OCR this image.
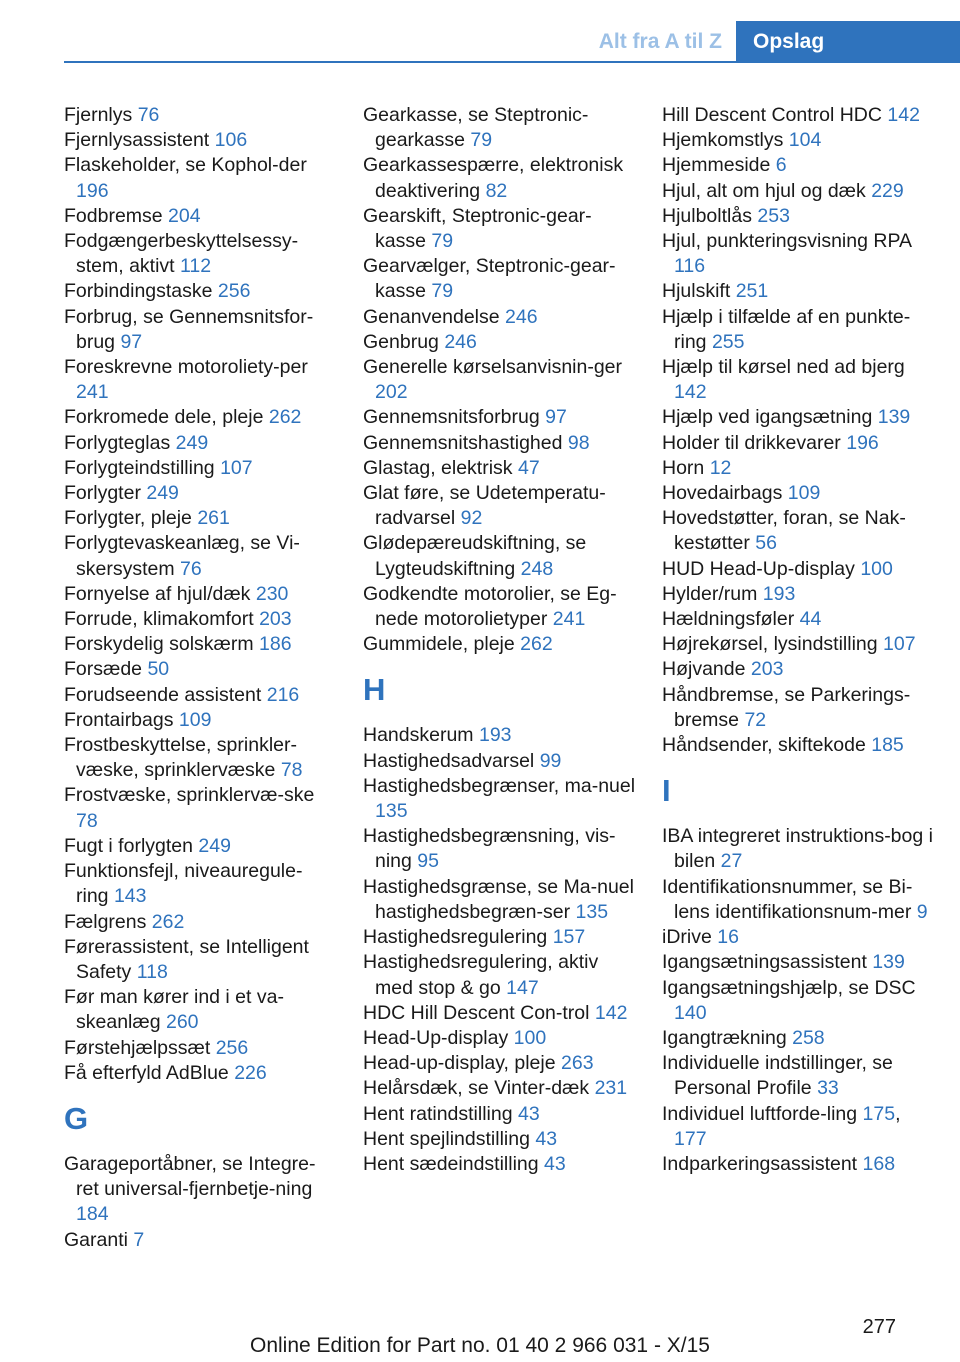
Alt fra A til Z	Opslag
Fjernlys 76
Fjernlysassistent 106
Flaskeholder, se Kophol‐der 196
Fodbremse 204
Fodgængerbeskyttelsessy‐stem, aktivt 112
Forbindingstaske 256
Forbrug, se Gennemsnitsfor‐brug 97
Foreskrevne motoroliety‐per 241
Forkromede dele, pleje 262
Forlygteglas 249
Forlygteindstilling 107
Forlygter 249
Forlygter, pleje 261
Forlygtevaskeanlæg, se Vi‐skersystem 76
Fornyelse af hjul/dæk 230
Forrude, klimakomfort 203
Forskydelig solskærm 186
Forsæde 50
Forudseende assistent 216
Frontairbags 109
Frostbeskyttelse, sprinkler‐væske, sprinklervæske 78
Frostvæske, sprinklervæ‐ske 78
Fugt i forlygten 249
Funktionsfejl, niveauregule‐ring 143
Fælgrens 262
Førerassistent, se Intelligent Safety 118
Før man kører ind i et va‐skeanlæg 260
Førstehjælpssæt 256
Få efterfyld AdBlue 226
G
Garageportåbner, se Integre‐ret universal-fjernbetje‐ning 184
Garanti 7
Gearkasse, se Steptronic-gearkasse 79
Gearkassespærre, elektronisk deaktivering 82
Gearskift, Steptronic-gear‐kasse 79
Gearvælger, Steptronic-gear‐kasse 79
Genanvendelse 246
Genbrug 246
Generelle kørselsanvisnin‐ger 202
Gennemsnitsforbrug 97
Gennemsnitshastighed 98
Glastag, elektrisk 47
Glat føre, se Udetemperatu‐radvarsel 92
Glødepæreudskiftning, se Lygteudskiftning 248
Godkendte motorolier, se Eg‐nede motorolietyper 241
Gummidele, pleje 262
H
Handskerum 193
Hastighedsadvarsel 99
Hastighedsbegrænser, ma‐nuel 135
Hastighedsbegrænsning, vis‐ning 95
Hastighedsgrænse, se Ma‐nuel hastighedsbegræn‐ser 135
Hastighedsregulering 157
Hastighedsregulering, aktiv med stop & go 147
HDC Hill Descent Con‐trol 142
Head-Up-display 100
Head-up-display, pleje 263
Helårsdæk, se Vinter‐dæk 231
Hent ratindstilling 43
Hent spejlindstilling 43
Hent sædeindstilling 43
Hill Descent Control HDC 142
Hjemkomstlys 104
Hjemmeside 6
Hjul, alt om hjul og dæk 229
Hjulboltlås 253
Hjul, punkteringsvisning RPA 116
Hjulskift 251
Hjælp i tilfælde af en punkte‐ring 255
Hjælp til kørsel ned ad bjerg 142
Hjælp ved igangsætning 139
Holder til drikkevarer 196
Horn 12
Hovedairbags 109
Hovedstøtter, foran, se Nak‐kestøtter 56
HUD Head-Up-display 100
Hylder/rum 193
Hældningsføler 44
Højrekørsel, lysindstilling 107
Højvande 203
Håndbremse, se Parkerings‐bremse 72
Håndsender, skiftekode 185
I
IBA integreret instruktions‐bog i bilen 27
Identifikationsnummer, se Bi‐lens identifikationsnum‐mer 9
iDrive 16
Igangsætningsassistent 139
Igangsætningshjælp, se DSC 140
Igangtrækning 258
Individuelle indstillinger, se Personal Profile 33
Individuel luftforde‐ling 175, 177
Indparkeringsassistent 168
277
Online Edition for Part no. 01 40 2 966 031 - X/15
